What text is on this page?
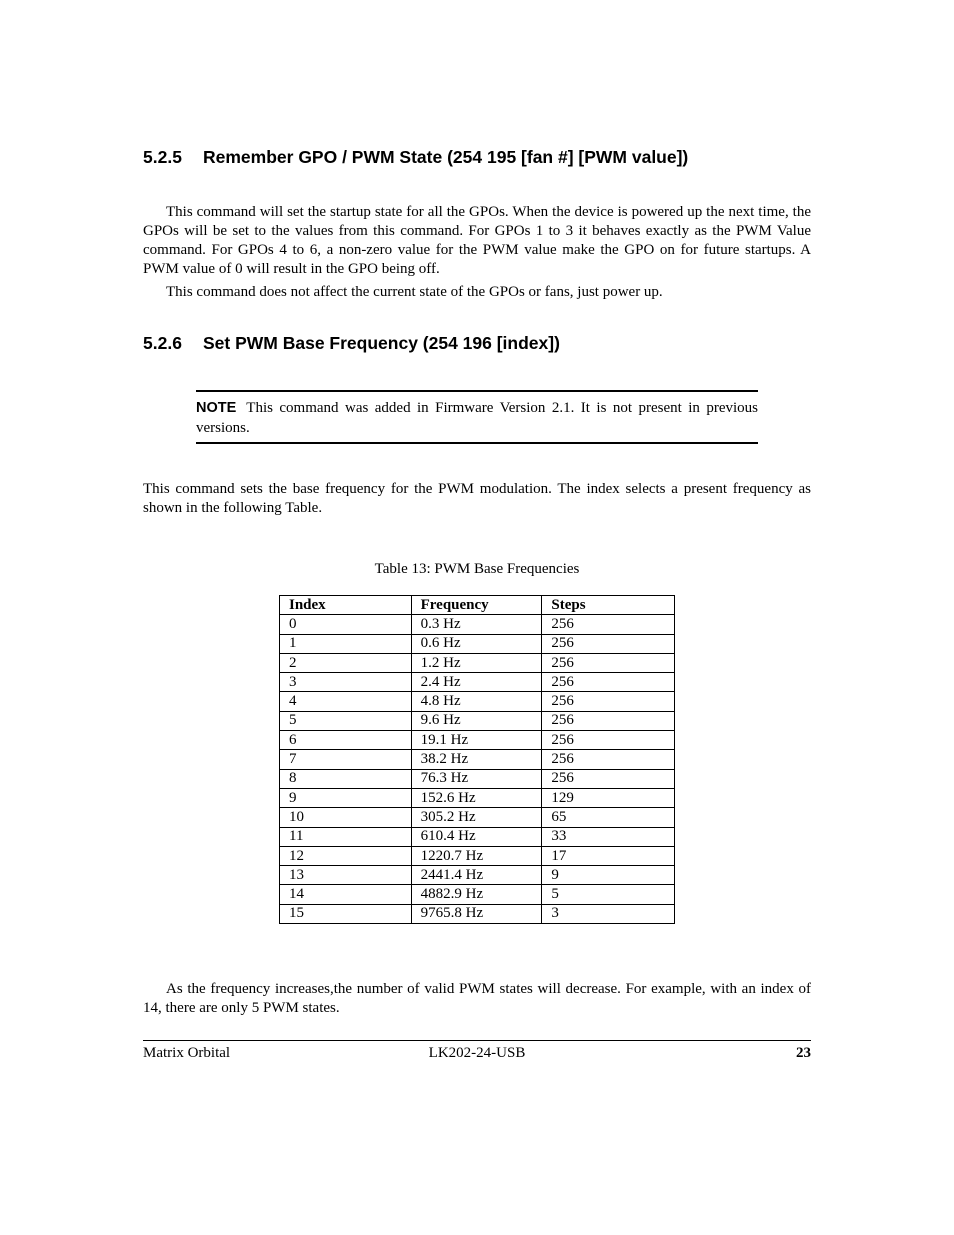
5.2.5 Remember GPO / PWM State (254 195 [fan #] [PWM value])

This command will set the startup state for all the GPOs. When the device is powered up the next time, the GPOs will be set to the values from this command. For GPOs 1 to 3 it behaves exactly as the PWM Value command. For GPOs 4 to 6, a non-zero value for the PWM value make the GPO on for future startups. A PWM value of 0 will result in the GPO being off.

This command does not affect the current state of the GPOs or fans, just power up.

5.2.6 Set PWM Base Frequency (254 196 [index])

NOTE This command was added in Firmware Version 2.1. It is not present in previous versions.

This command sets the base frequency for the PWM modulation. The index selects a present frequency as shown in the following Table.

Table 13: PWM Base Frequencies
Index	Frequency	Steps
0	0.3 Hz	256
1	0.6 Hz	256
2	1.2 Hz	256
3	2.4 Hz	256
4	4.8 Hz	256
5	9.6 Hz	256
6	19.1 Hz	256
7	38.2 Hz	256
8	76.3 Hz	256
9	152.6 Hz	129
10	305.2 Hz	65
11	610.4 Hz	33
12	1220.7 Hz	17
13	2441.4 Hz	9
14	4882.9 Hz	5
15	9765.8 Hz	3

As the frequency increases,the number of valid PWM states will decrease. For example, with an index of 14, there are only 5 PWM states.

Matrix Orbital	LK202-24-USB	23
